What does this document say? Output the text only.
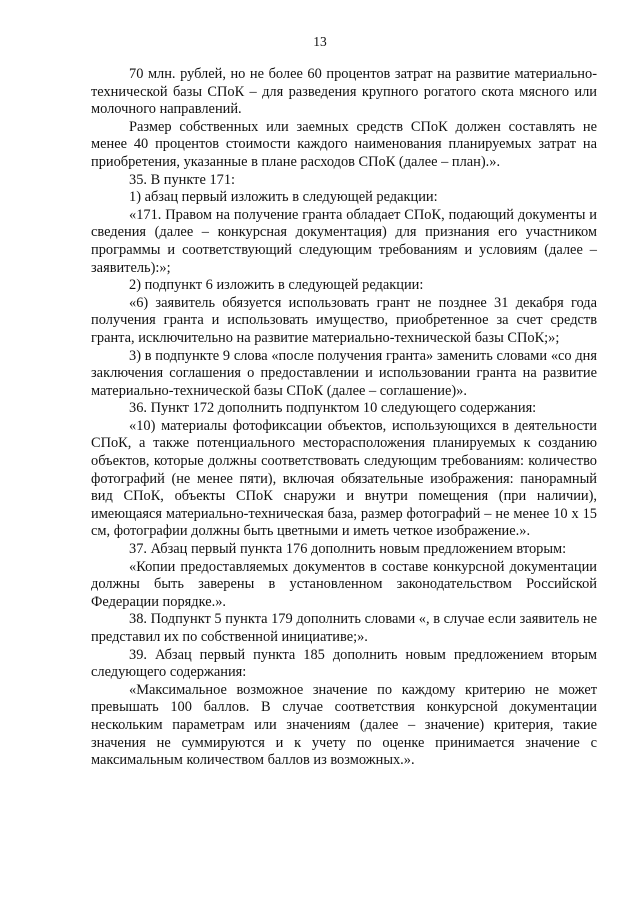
13

70 млн. рублей, но не более 60 процентов затрат на развитие материально-технической базы СПоК – для разведения крупного рогатого скота мясного или молочного направлений.

Размер собственных или заемных средств СПоК должен составлять не менее 40 процентов стоимости каждого наименования планируемых затрат на приобретения, указанные в плане расходов СПоК (далее – план).».

35. В пункте 171:

1) абзац первый изложить в следующей редакции:

«171. Правом на получение гранта обладает СПоК, подающий документы и сведения (далее – конкурсная документация) для признания его участником программы и соответствующий следующим требованиям и условиям (далее – заявитель):»;

2) подпункт 6 изложить в следующей редакции:

«6) заявитель обязуется использовать грант не позднее 31 декабря года получения гранта и использовать имущество, приобретенное за счет средств гранта, исключительно на развитие материально-технической базы СПоК;»;

3) в подпункте 9 слова «после получения гранта» заменить словами «со дня заключения соглашения о предоставлении и использовании гранта на развитие материально-технической базы СПоК (далее – соглашение)».

36. Пункт 172 дополнить подпунктом 10 следующего содержания:

«10) материалы фотофиксации объектов, использующихся в деятельности СПоК, а также потенциального месторасположения планируемых к созданию объектов, которые должны соответствовать следующим требованиям: количество фотографий (не менее пяти), включая обязательные изображения: панорамный вид СПоК, объекты СПоК снаружи и внутри помещения (при наличии), имеющаяся материально-техническая база, размер фотографий – не менее 10 х 15 см, фотографии должны быть цветными и иметь четкое изображение.».

37. Абзац первый пункта 176 дополнить новым предложением вторым:

«Копии предоставляемых документов в составе конкурсной документации должны быть заверены в установленном законодательством Российской Федерации порядке.».

38. Подпункт 5 пункта 179 дополнить словами «, в случае если заявитель не представил их по собственной инициативе;».

39. Абзац первый пункта 185 дополнить новым предложением вторым следующего содержания:

«Максимальное возможное значение по каждому критерию не может превышать 100 баллов. В случае соответствия конкурсной документации нескольким параметрам или значениям (далее – значение) критерия, такие значения не суммируются и к учету по оценке принимается значение с максимальным количеством баллов из возможных.».
